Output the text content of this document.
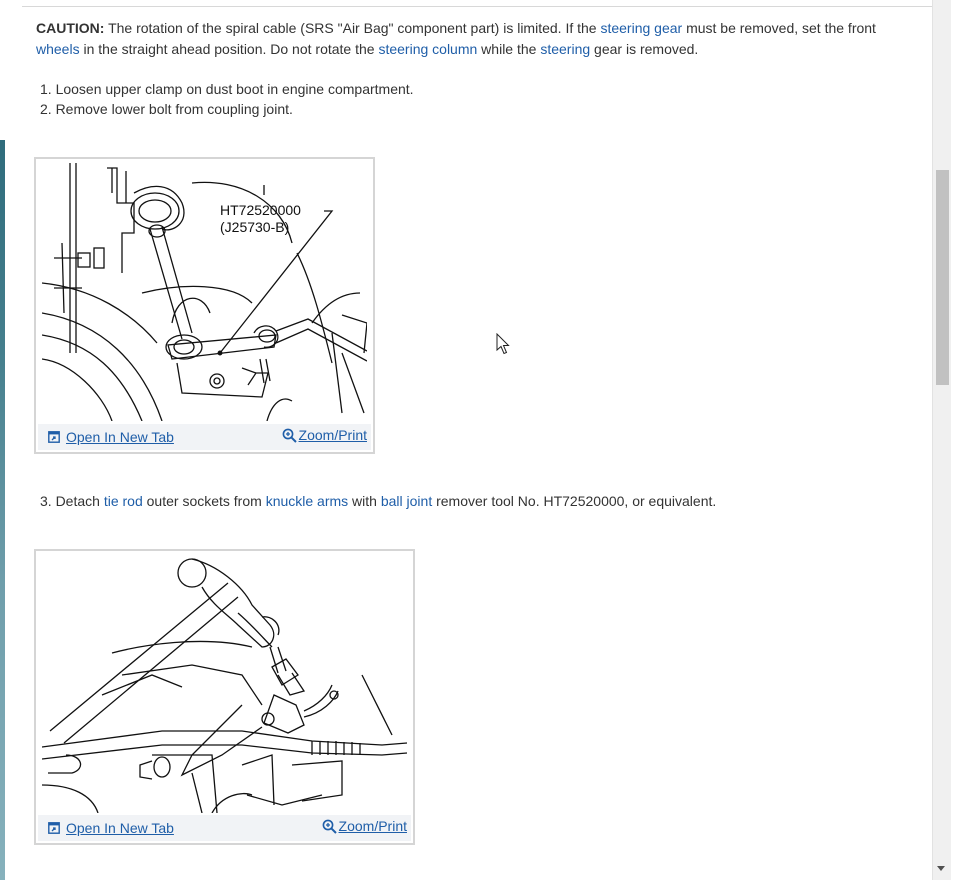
CAUTION: The rotation of the spiral cable (SRS "Air Bag" component part) is limited. If the steering gear must be removed, set the front wheels in the straight ahead position. Do not rotate the steering column while the steering gear is removed.
1. Loosen upper clamp on dust boot in engine compartment.
2. Remove lower bolt from coupling joint.
HT72520000
(J25730-B)
Open In New Tab	Zoom/Print
3. Detach tie rod outer sockets from knuckle arms with ball joint remover tool No. HT72520000, or equivalent.
Open In New Tab	Zoom/Print
